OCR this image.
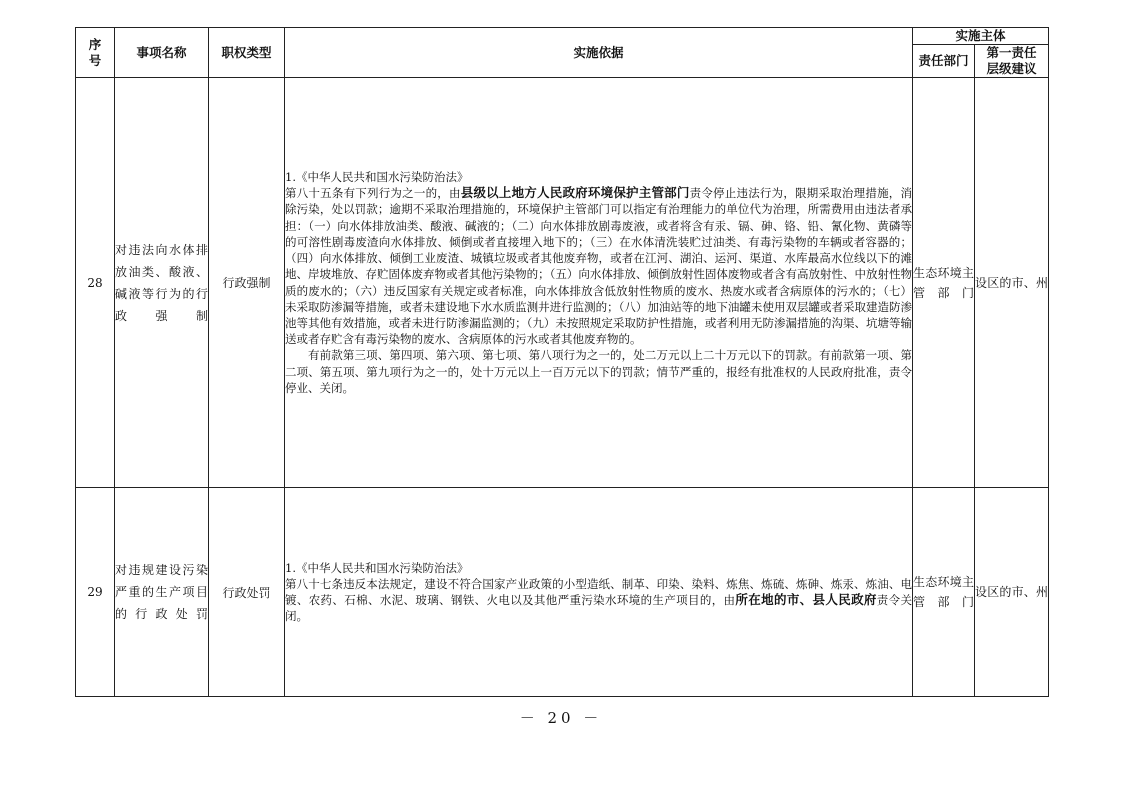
序号	事项名称	职权类型	实施依据	实施主体	
				责任部门	第一责任层级建议
28	对违法向水体排放油类、酸液、碱液等行为的行政强制	行政强制	1.《中华人民共和国水污染防治法》

第八十五条有下列行为之一的，由县级以上地方人民政府环境保护主管部门责令停止违法行为，限期采取治理措施，消除污染，处以罚款；逾期不采取治理措施的，环境保护主管部门可以指定有治理能力的单位代为治理，所需费用由违法者承担：（一）向水体排放油类、酸液、碱液的；（二）向水体排放剧毒废液，或者将含有汞、镉、砷、铬、铅、氰化物、黄磷等的可溶性剧毒废渣向水体排放、倾倒或者直接埋入地下的；（三）在水体清洗装贮过油类、有毒污染物的车辆或者容器的；（四）向水体排放、倾倒工业废渣、城镇垃圾或者其他废弃物，或者在江河、湖泊、运河、渠道、水库最高水位线以下的滩地、岸坡堆放、存贮固体废弃物或者其他污染物的；（五）向水体排放、倾倒放射性固体废物或者含有高放射性、中放射性物质的废水的；（六）违反国家有关规定或者标准，向水体排放含低放射性物质的废水、热废水或者含病原体的污水的；（七）未采取防渗漏等措施，或者未建设地下水水质监测井进行监测的；（八）加油站等的地下油罐未使用双层罐或者采取建造防渗池等其他有效措施，或者未进行防渗漏监测的；（九）未按照规定采取防护性措施，或者利用无防渗漏措施的沟渠、坑塘等输送或者存贮含有毒污染物的废水、含病原体的污水或者其他废弃物的。

有前款第三项、第四项、第六项、第七项、第八项行为之一的，处二万元以上二十万元以下的罚款。有前款第一项、第二项、第五项、第九项行为之一的，处十万元以上一百万元以下的罚款；情节严重的，报经有批准权的人民政府批准，责令停业、关闭。	生态环境主管部门	设区的市、州
29	对违规建设污染严重的生产项目的行政处罚	行政处罚	1.《中华人民共和国水污染防治法》

第八十七条违反本法规定，建设不符合国家产业政策的小型造纸、制革、印染、染料、炼焦、炼硫、炼砷、炼汞、炼油、电镀、农药、石棉、水泥、玻璃、钢铁、火电以及其他严重污染水环境的生产项目的，由所在地的市、县人民政府责令关闭。	生态环境主管部门	设区的市、州
－ 20 －
